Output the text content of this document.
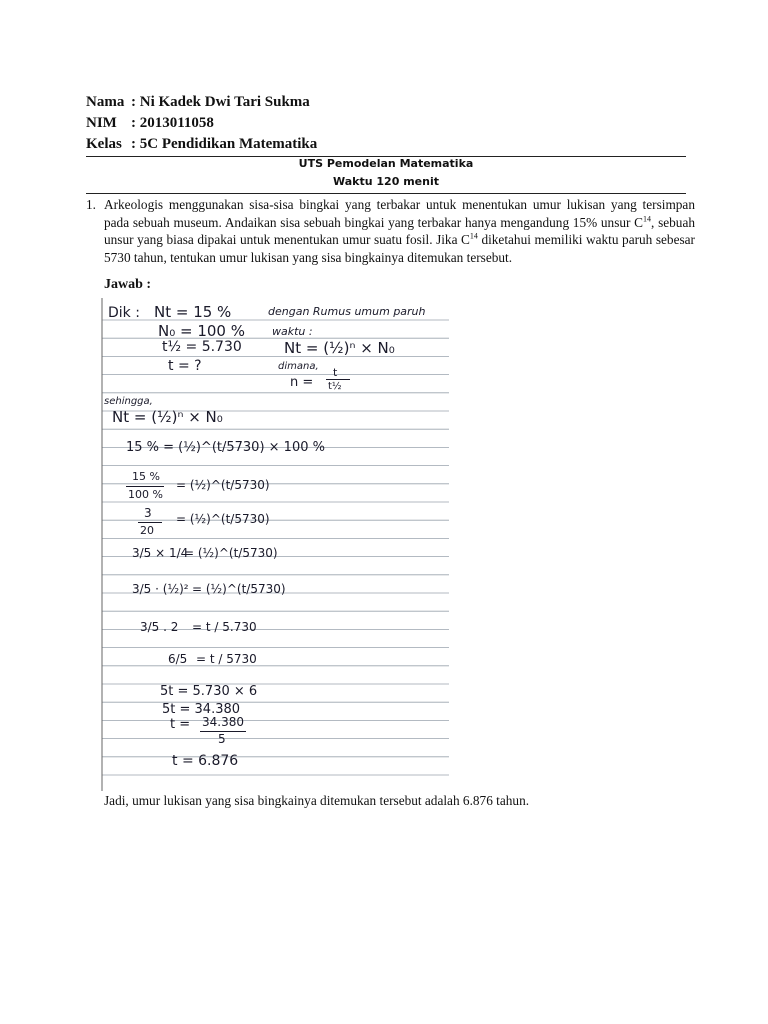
Nama : Ni Kadek Dwi Tari Sukma
NIM : 2013011058
Kelas : 5C Pendidikan Matematika
UTS Pemodelan Matematika
Waktu 120 menit
1. Arkeologis menggunakan sisa-sisa bingkai yang terbakar untuk menentukan umur lukisan yang tersimpan pada sebuah museum. Andaikan sisa sebuah bingkai yang terbakar hanya mengandung 15% unsur $C^{14}$, sebuah unsur yang biasa dipakai untuk menentukan umur suatu fosil. Jika $C^{14}$ diketahui memiliki waktu paruh sebesar 5730 tahun, tentukan umur lukisan yang sisa bingkainya ditemukan tersebut.
Jawab :
Dik : Nt = 15 %	dengan Rumus umum paruh
N₀ = 100 % waktu :
t½ = 5.730	Nt = (½)ⁿ × N₀
t = ?	dimana,
n =
t
t½
sehingga,
Nt = (½)ⁿ × N₀
15 % = (½)^(t/5730) × 100 %
15 %
100 %
= (½)^(t/5730)
3
20
= (½)^(t/5730)
3/5 × 1/4
= (½)^(t/5730)
3/5 · (½)² = (½)^(t/5730)
3/5 . 2 = t / 5.730
6/5 = t / 5730
5t = 5.730 × 6
5t = 34.380
t = 34.380
5
t = 6.876
Jadi, umur lukisan yang sisa bingkainya ditemukan tersebut adalah 6.876 tahun.
